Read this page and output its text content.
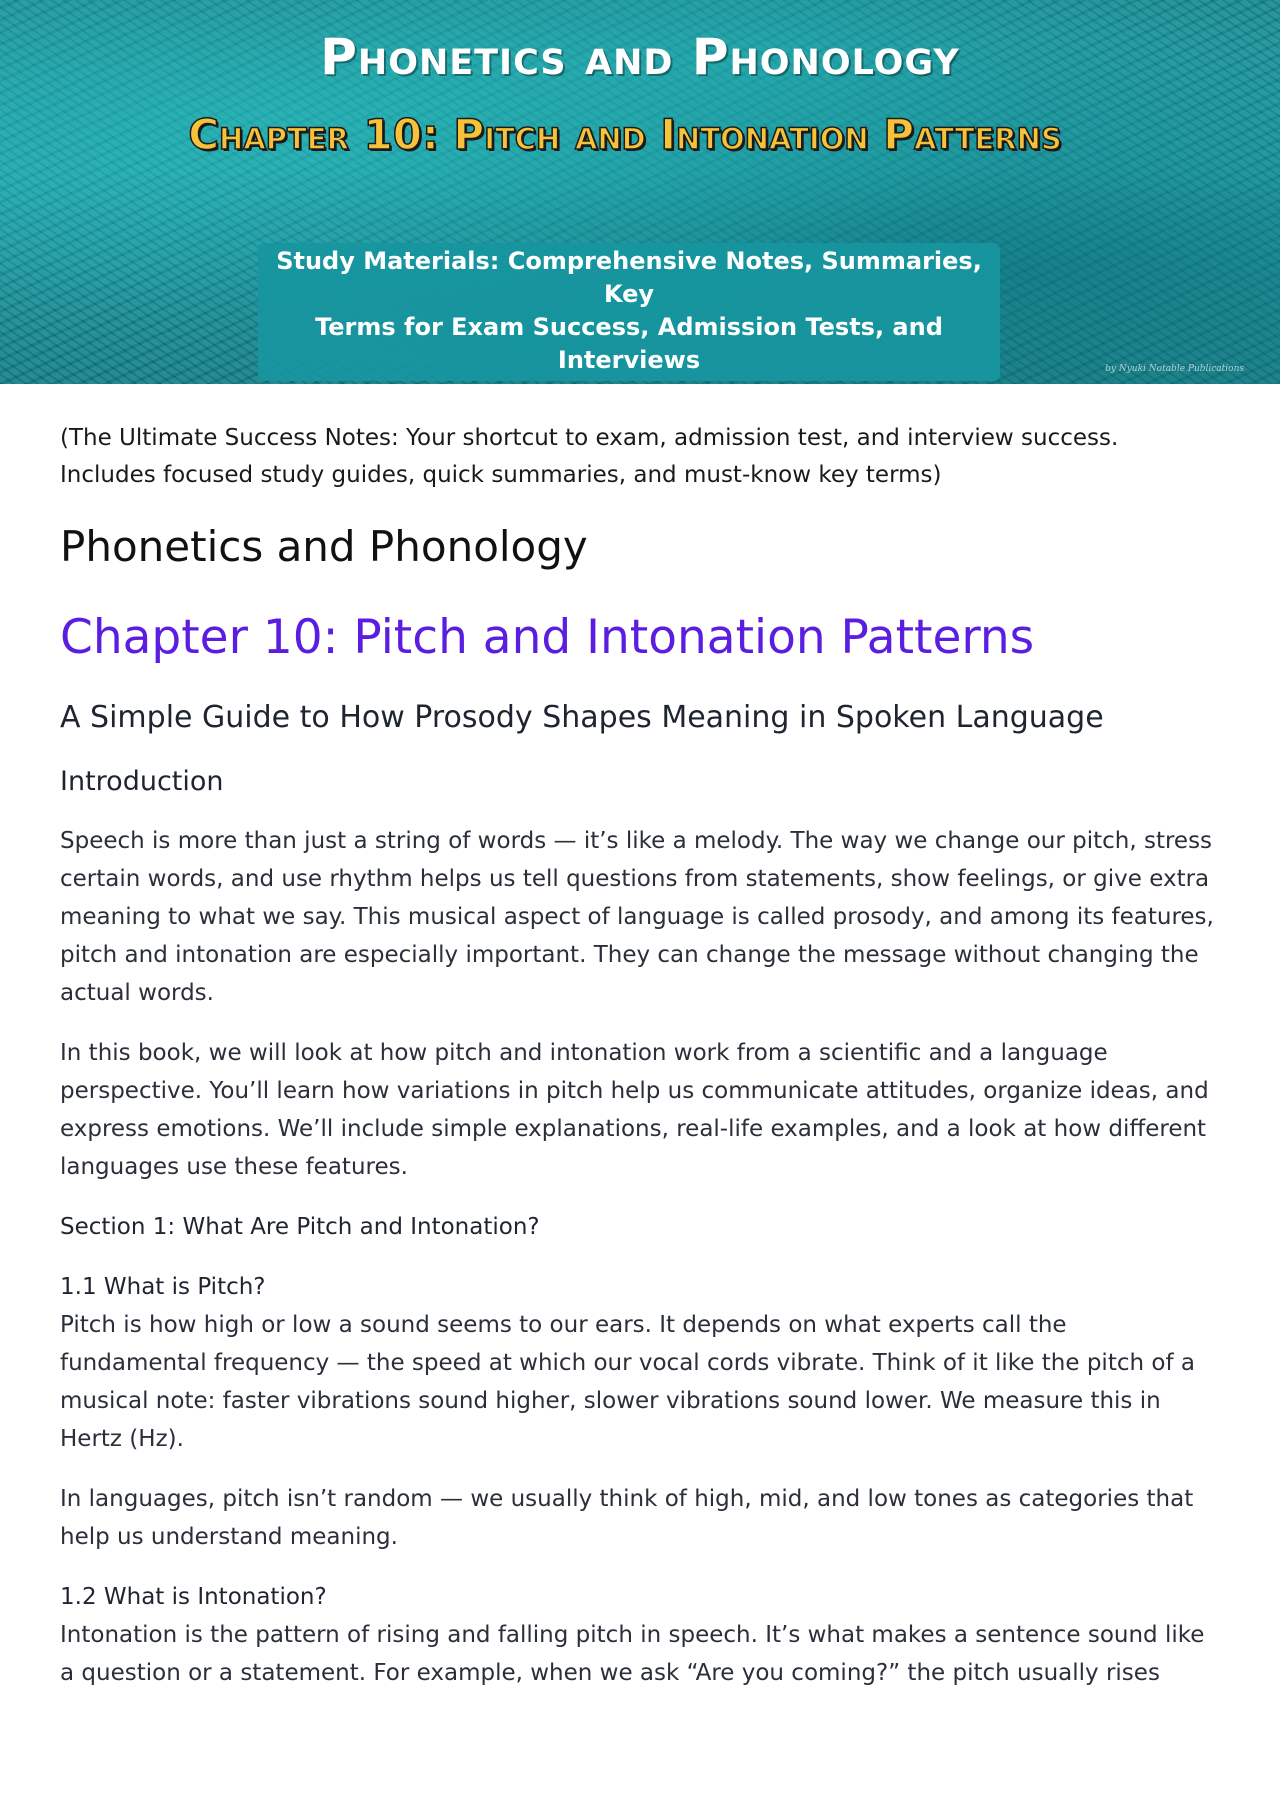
Phonetics and Phonology
Chapter 10: Pitch and Intonation Patterns
Study Materials: Comprehensive Notes, Summaries, Key
Terms for Exam Success, Admission Tests, and Interviews	by Nyuki Notable Publications

(The Ultimate Success Notes: Your shortcut to exam, admission test, and interview success. Includes focused study guides, quick summaries, and must-know key terms)

Phonetics and Phonology
Chapter 10: Pitch and Intonation Patterns
A Simple Guide to How Prosody Shapes Meaning in Spoken Language
Introduction

Speech is more than just a string of words — it’s like a melody. The way we change our pitch, stress certain words, and use rhythm helps us tell questions from statements, show feelings, or give extra meaning to what we say. This musical aspect of language is called prosody, and among its features, pitch and intonation are especially important. They can change the message without changing the actual words.

In this book, we will look at how pitch and intonation work from a scientific and a language perspective. You’ll learn how variations in pitch help us communicate attitudes, organize ideas, and express emotions. We’ll include simple explanations, real-life examples, and a look at how different languages use these features.

Section 1: What Are Pitch and Intonation?
1.1 What is Pitch?

Pitch is how high or low a sound seems to our ears. It depends on what experts call the fundamental frequency — the speed at which our vocal cords vibrate. Think of it like the pitch of a musical note: faster vibrations sound higher, slower vibrations sound lower. We measure this in Hertz (Hz).

In languages, pitch isn’t random — we usually think of high, mid, and low tones as categories that help us understand meaning.

1.2 What is Intonation?

Intonation is the pattern of rising and falling pitch in speech. It’s what makes a sentence sound like a question or a statement. For example, when we ask “Are you coming?” the pitch usually rises
